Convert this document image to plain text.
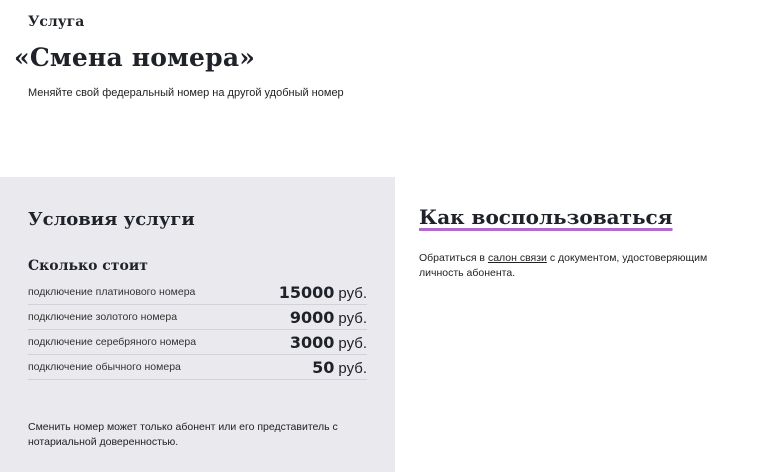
Услуга
«Смена номера»
Меняйте свой федеральный номер на другой удобный номер
Условия услуги
Сколько стоит
подключение платинового номера	15000 руб.
подключение золотого номера	9000 руб.
подключение серебряного номера	3000 руб.
подключение обычного номера	50 руб.
Сменить номер может только абонент или его представитель с нотариальной доверенностью.
Как воспользоваться
Обратиться в салон связи с документом, удостоверяющим личность абонента.
